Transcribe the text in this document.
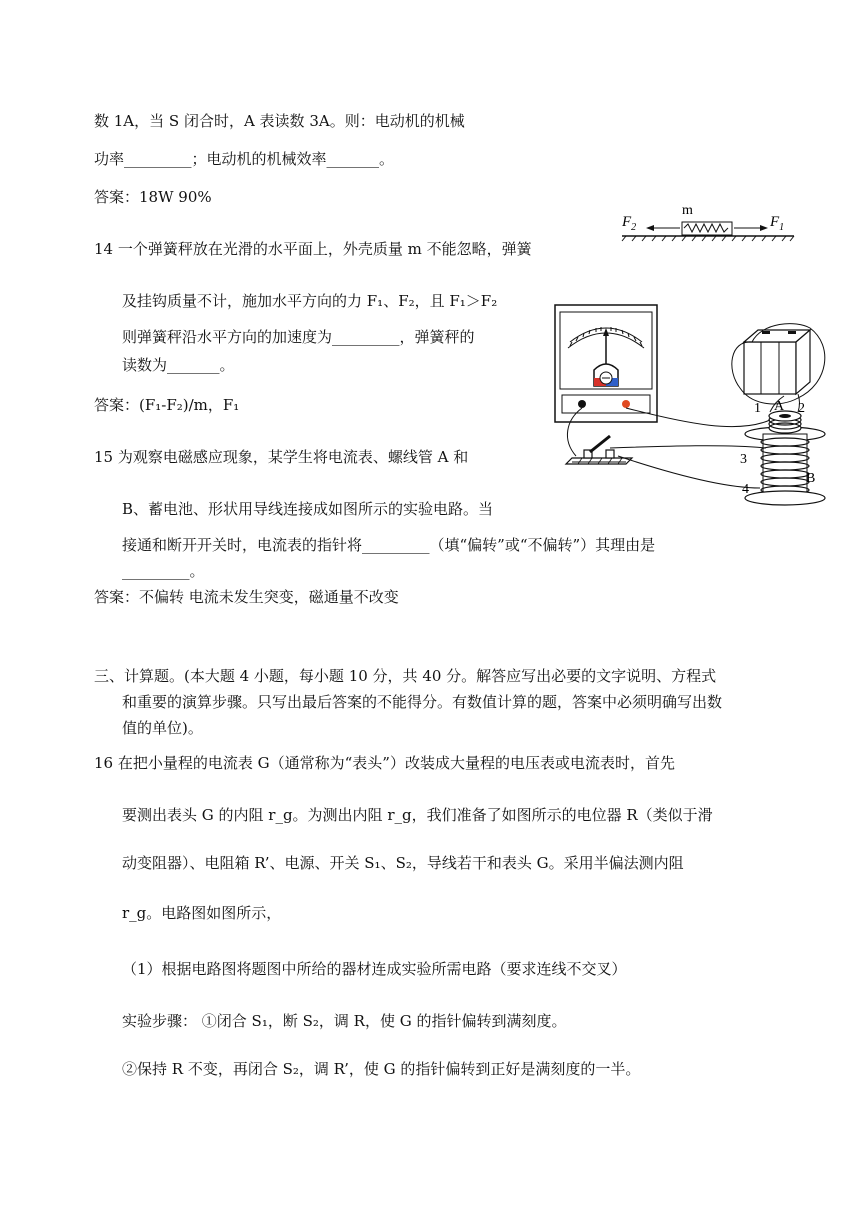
数 1A，当 S 闭合时，A 表读数 3A。则：电动机的机械
功率_________；电动机的机械效率_______。
答案：18W 90%
14 一个弹簧秤放在光滑的水平面上，外壳质量 m 不能忽略，弹簧
及挂钩质量不计，施加水平方向的力 F₁、F₂，且 F₁＞F₂
则弹簧秤沿水平方向的加速度为_________，弹簧秤的
读数为_______。
答案：(F₁-F₂)/m，F₁
m
$F_2$	$F_1$
15 为观察电磁感应现象，某学生将电流表、螺线管 A 和
B、蓄电池、形状用导线连接成如图所示的实验电路。当
接通和断开开关时，电流表的指针将_________（填“偏转”或“不偏转”）其理由是
_________。
答案：不偏转 电流未发生突变，磁通量不改变
1 A 2
3
4
B
三、计算题。(本大题 4 小题，每小题 10 分，共 40 分。解答应写出必要的文字说明、方程式
和重要的演算步骤。只写出最后答案的不能得分。有数值计算的题，答案中必须明确写出数
值的单位)。
16 在把小量程的电流表 G（通常称为“表头”）改装成大量程的电压表或电流表时，首先
要测出表头 G 的内阻 r_g。为测出内阻 r_g，我们准备了如图所示的电位器 R（类似于滑
动变阻器）、电阻箱 R’、电源、开关 S₁、S₂，导线若干和表头 G。采用半偏法测内阻
r_g。电路图如图所示，
（1）根据电路图将题图中所给的器材连成实验所需电路（要求连线不交叉）
实验步骤： ①闭合 S₁，断 S₂，调 R，使 G 的指针偏转到满刻度。
②保持 R 不变，再闭合 S₂，调 R’，使 G 的指针偏转到正好是满刻度的一半。
